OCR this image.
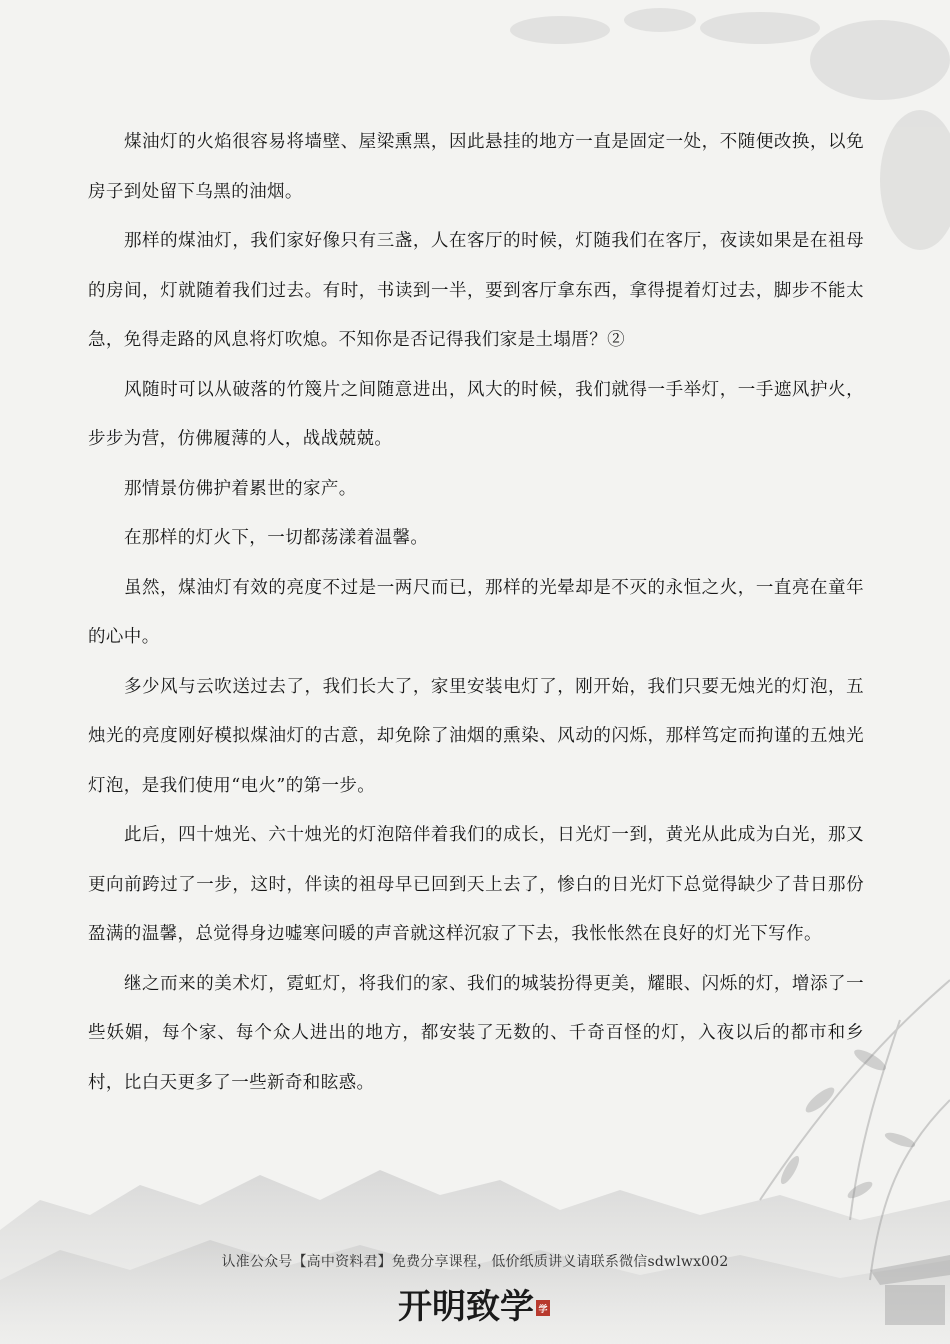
煤油灯的火焰很容易将墙壁、屋梁熏黑，因此悬挂的地方一直是固定一处，不随便改换，以免房子到处留下乌黑的油烟。

那样的煤油灯，我们家好像只有三盏，人在客厅的时候，灯随我们在客厅，夜读如果是在祖母的房间，灯就随着我们过去。有时，书读到一半，要到客厅拿东西，拿得提着灯过去，脚步不能太急，免得走路的风息将灯吹熄。不知你是否记得我们家是土塌厝？②

风随时可以从破落的竹篾片之间随意进出，风大的时候，我们就得一手举灯，一手遮风护火，步步为营，仿佛履薄的人，战战兢兢。

那情景仿佛护着累世的家产。

在那样的灯火下，一切都荡漾着温馨。

虽然，煤油灯有效的亮度不过是一两尺而已，那样的光晕却是不灭的永恒之火，一直亮在童年的心中。

多少风与云吹送过去了，我们长大了，家里安装电灯了，刚开始，我们只要无烛光的灯泡，五烛光的亮度刚好模拟煤油灯的古意，却免除了油烟的熏染、风动的闪烁，那样笃定而拘谨的五烛光灯泡，是我们使用“电火”的第一步。

此后，四十烛光、六十烛光的灯泡陪伴着我们的成长，日光灯一到，黄光从此成为白光，那又更向前跨过了一步，这时，伴读的祖母早已回到天上去了，惨白的日光灯下总觉得缺少了昔日那份盈满的温馨，总觉得身边嘘寒问暖的声音就这样沉寂了下去，我怅怅然在良好的灯光下写作。

继之而来的美术灯，霓虹灯，将我们的家、我们的城装扮得更美，耀眼、闪烁的灯，增添了一些妖媚，每个家、每个众人进出的地方，都安装了无数的、千奇百怪的灯，入夜以后的都市和乡村，比白天更多了一些新奇和眩惑。

认准公众号【高中资料君】免费分享课程，低价纸质讲义请联系微信sdwlwx002
开明致学 学
